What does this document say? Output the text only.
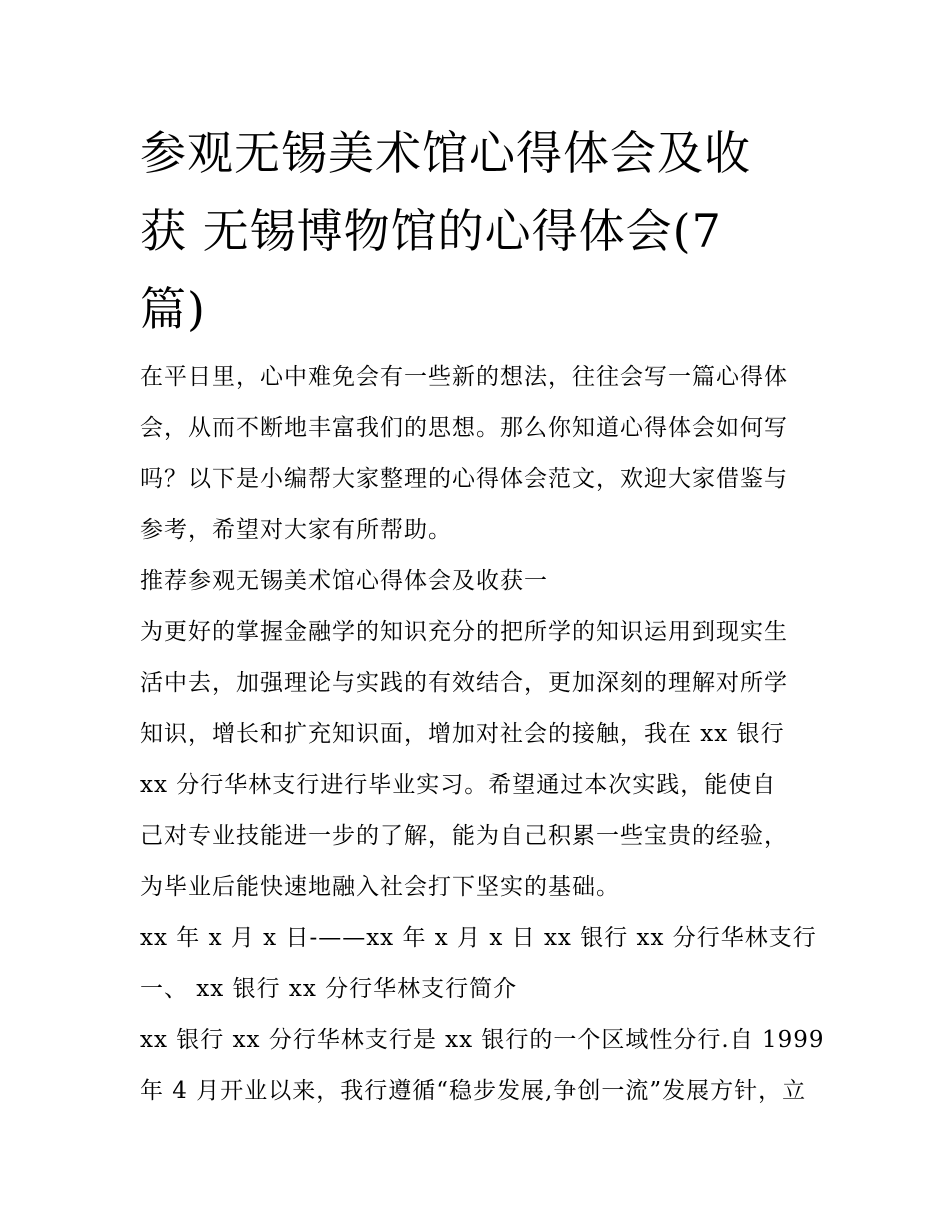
参观无锡美术馆心得体会及收
获 无锡博物馆的心得体会(7
篇)
在平日里，心中难免会有一些新的想法，往往会写一篇心得体
会，从而不断地丰富我们的思想。那么你知道心得体会如何写
吗？以下是小编帮大家整理的心得体会范文，欢迎大家借鉴与
参考，希望对大家有所帮助。
推荐参观无锡美术馆心得体会及收获一
为更好的掌握金融学的知识充分的把所学的知识运用到现实生
活中去，加强理论与实践的有效结合，更加深刻的理解对所学
知识，增长和扩充知识面，增加对社会的接触，我在 xx 银行
xx 分行华林支行进行毕业实习。希望通过本次实践，能使自
己对专业技能进一步的了解，能为自己积累一些宝贵的经验，
为毕业后能快速地融入社会打下坚实的基础。
xx 年 x 月 x 日-——xx 年 x 月 x 日 xx 银行 xx 分行华林支行
一、 xx 银行 xx 分行华林支行简介
xx 银行 xx 分行华林支行是 xx 银行的一个区域性分行.自 1999
年 4 月开业以来，我行遵循“稳步发展,争创一流”发展方针，立
